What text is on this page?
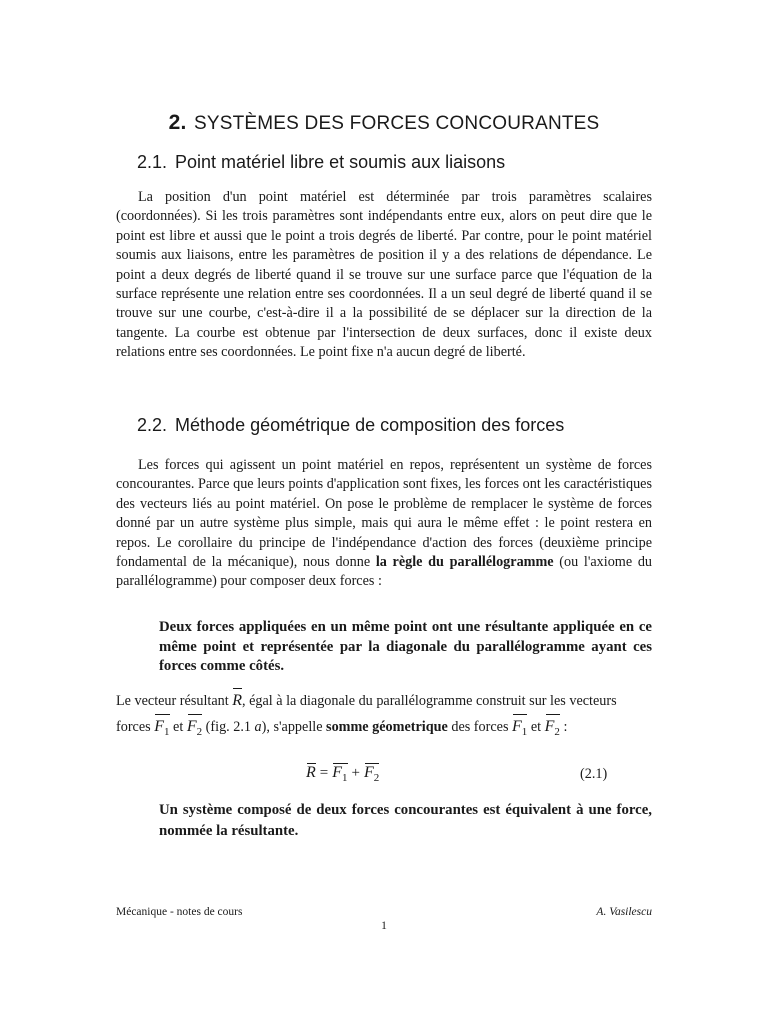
2. SYSTÈMES DES FORCES CONCOURANTES
2.1. Point matériel libre et soumis aux liaisons

La position d'un point matériel est déterminée par trois paramètres scalaires (coordonnées). Si les trois paramètres sont indépendants entre eux, alors on peut dire que le point est libre et aussi que le point a trois degrés de liberté. Par contre, pour le point matériel soumis aux liaisons, entre les paramètres de position il y a des relations de dépendance. Le point a deux degrés de liberté quand il se trouve sur une surface parce que l'équation de la surface représente une relation entre ses coordonnées. Il a un seul degré de liberté quand il se trouve sur une courbe, c'est-à-dire il a la possibilité de se déplacer sur la direction de la tangente. La courbe est obtenue par l'intersection de deux surfaces, donc il existe deux relations entre ses coordonnées. Le point fixe n'a aucun degré de liberté.

2.2. Méthode géométrique de composition des forces

Les forces qui agissent un point matériel en repos, représentent un système de forces concourantes. Parce que leurs points d'application sont fixes, les forces ont les caractéristiques des vecteurs liés au point matériel. On pose le problème de remplacer le système de forces donné par un autre système plus simple, mais qui aura le même effet : le point restera en repos. Le corollaire du principe de l'indépendance d'action des forces (deuxième principe fondamental de la mécanique), nous donne la règle du parallélogramme (ou l'axiome du parallélogramme) pour composer deux forces :

Deux forces appliquées en un même point ont une résultante appliquée en ce même point et représentée par la diagonale du parallélogramme ayant ces forces comme côtés.

Le vecteur résultant R, égal à la diagonale du parallélogramme construit sur les vecteurs forces $F_1$ et $F_2$ (fig. 2.1 a), s'appelle somme géometrique des forces $F_1$ et $F_2$ :

$R = F_1 + F_2$	(2.1)

Un système composé de deux forces concourantes est équivalent à une force, nommée la résultante.

Mécanique - notes de cours	A. Vasilescu
1
